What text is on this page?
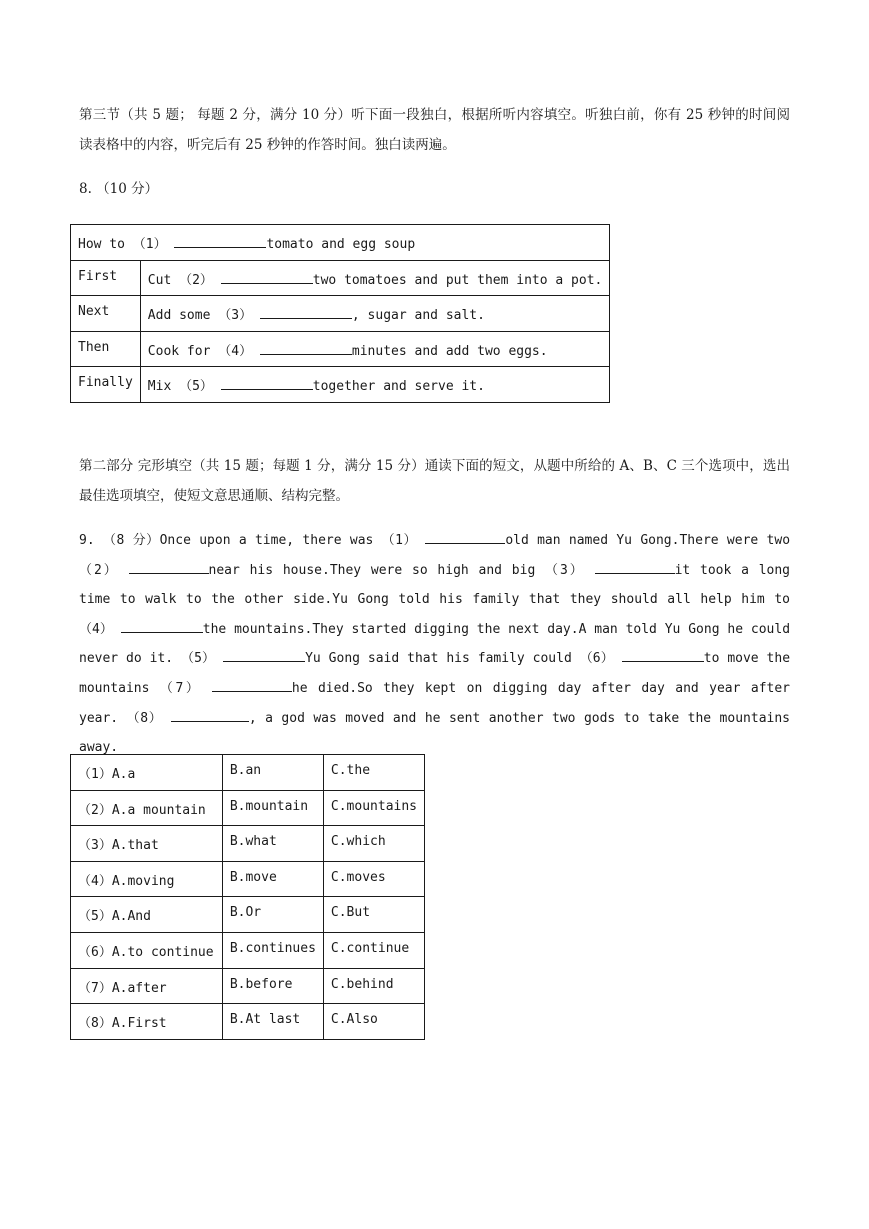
第三节（共 5 题； 每题 2 分，满分 10 分）听下面一段独白，根据所听内容填空。听独白前，你有 25 秒钟的时间阅读表格中的内容，听完后有 25 秒钟的作答时间。独白读两遍。

8. （10 分）

How to （1） tomato and egg soup	
First	Cut （2） two tomatoes and put them into a pot.
Next	Add some （3） , sugar and salt.
Then	Cook for （4） minutes and add two eggs.
Finally	Mix （5） together and serve it.

第二部分 完形填空（共 15 题；每题 1 分，满分 15 分）通读下面的短文，从题中所给的 A、B、C 三个选项中，选出最佳选项填空，使短文意思通顺、结构完整。

9. （8 分）Once upon a time, there was （1）	old man named Yu Gong.There were two （2）	near his house.They were so high and big （3）	it took a long time to walk to the other side.Yu Gong told his family that they should all help him to （4）	the mountains.They started digging the next day.A man told Yu Gong he could never do it. （5）	Yu Gong said that his family could （6）	to move the mountains （7）	he died.So they kept on digging day after day and year after year. （8）	, a god was moved and he sent another two gods to take the mountains away.

（1）A.a	B.an	C.the
（2）A.a mountain	B.mountain	C.mountains
（3）A.that	B.what	C.which
（4）A.moving	B.move	C.moves
（5）A.And	B.Or	C.But
（6）A.to continue	B.continues	C.continue
（7）A.after	B.before	C.behind
（8）A.First	B.At last	C.Also
